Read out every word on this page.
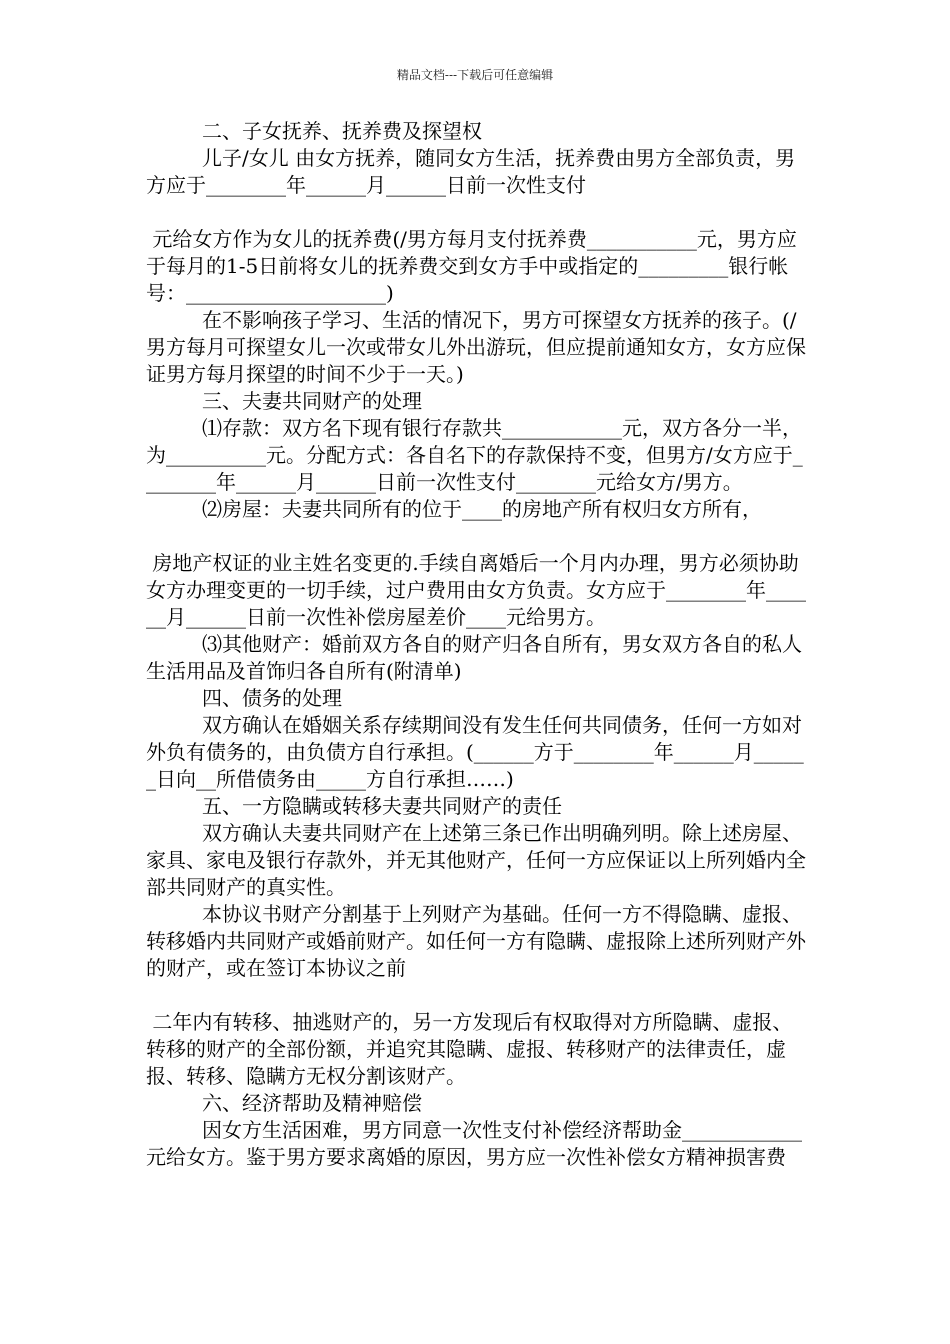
精品文档---下载后可任意编辑

二、子女抚养、抚养费及探望权

儿子/女儿 由女方抚养，随同女方生活，抚养费由男方全部负责，男方应于________年______月______日前一次性支付

元给女方作为女儿的抚养费(/男方每月支付抚养费___________元，男方应于每月的1-5日前将女儿的抚养费交到女方手中或指定的_________银行帐号：____________________)

在不影响孩子学习、生活的情况下，男方可探望女方抚养的孩子。(/男方每月可探望女儿一次或带女儿外出游玩，但应提前通知女方，女方应保证男方每月探望的时间不少于一天。)

三、夫妻共同财产的处理

⑴存款：双方名下现有银行存款共____________元，双方各分一半，为__________元。分配方式：各自名下的存款保持不变，但男方/女方应于________年______月______日前一次性支付________元给女方/男方。

⑵房屋：夫妻共同所有的位于____的房地产所有权归女方所有，

房地产权证的业主姓名变更的.手续自离婚后一个月内办理，男方必须协助女方办理变更的一切手续，过户费用由女方负责。女方应于________年______月______日前一次性补偿房屋差价____元给男方。

⑶其他财产：婚前双方各自的财产归各自所有，男女双方各自的私人生活用品及首饰归各自所有(附清单)

四、债务的处理

双方确认在婚姻关系存续期间没有发生任何共同债务，任何一方如对外负有债务的，由负债方自行承担。(______方于________年______月______日向__所借债务由_____方自行承担……)

五、一方隐瞒或转移夫妻共同财产的责任

双方确认夫妻共同财产在上述第三条已作出明确列明。除上述房屋、家具、家电及银行存款外，并无其他财产，任何一方应保证以上所列婚内全部共同财产的真实性。

本协议书财产分割基于上列财产为基础。任何一方不得隐瞒、虚报、转移婚内共同财产或婚前财产。如任何一方有隐瞒、虚报除上述所列财产外的财产，或在签订本协议之前

二年内有转移、抽逃财产的，另一方发现后有权取得对方所隐瞒、虚报、转移的财产的全部份额，并追究其隐瞒、虚报、转移财产的法律责任，虚报、转移、隐瞒方无权分割该财产。

六、经济帮助及精神赔偿

因女方生活困难，男方同意一次性支付补偿经济帮助金____________元给女方。鉴于男方要求离婚的原因，男方应一次性补偿女方精神损害费
